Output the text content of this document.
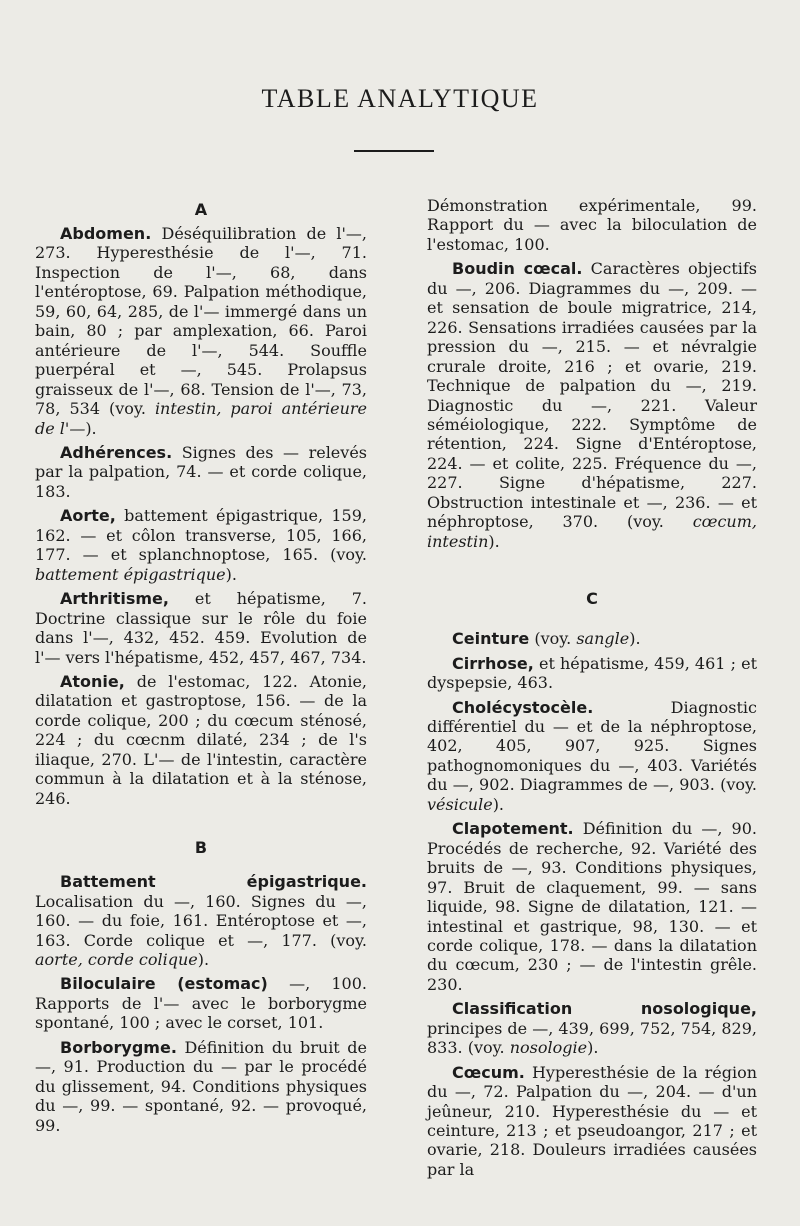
TABLE ANALYTIQUE
A

Abdomen. Déséquilibration de l'—, 273. Hyperesthésie de l'—, 71. Inspection de l'—, 68, dans l'entéroptose, 69. Palpation méthodique, 59, 60, 64, 285, de l'— immergé dans un bain, 80 ; par amplexation, 66. Paroi antérieure de l'—, 544. Souffle puerpéral et —, 545. Prolapsus graisseux de l'—, 68. Tension de l'—, 73, 78, 534 (voy. intestin, paroi antérieure de l'—).

Adhérences. Signes des — relevés par la palpation, 74. — et corde colique, 183.

Aorte, battement épigastrique, 159, 162. — et côlon transverse, 105, 166, 177. — et splanchnoptose, 165. (voy. battement épigastrique).

Arthritisme, et hépatisme, 7. Doctrine classique sur le rôle du foie dans l'—, 432, 452. 459. Evolution de l'— vers l'hépatisme, 452, 457, 467, 734.

Atonie, de l'estomac, 122. Atonie, dilatation et gastroptose, 156. — de la corde colique, 200 ; du cœcum sténosé, 224 ; du cœcnm dilaté, 234 ; de l's iliaque, 270. L'— de l'intestin, caractère commun à la dilatation et à la sténose, 246.

B

Battement épigastrique. Localisation du —, 160. Signes du —, 160. — du foie, 161. Entéroptose et —, 163. Corde colique et —, 177. (voy. aorte, corde colique).

Biloculaire (estomac) —, 100. Rapports de l'— avec le borborygme spontané, 100 ; avec le corset, 101.

Borborygme. Définition du bruit de —, 91. Production du — par le procédé du glissement, 94. Conditions physiques du —, 99. — spontané, 92. — provoqué, 99.

Démonstration expérimentale, 99. Rapport du — avec la biloculation de l'estomac, 100.

Boudin cœcal. Caractères objectifs du —, 206. Diagrammes du —, 209. — et sensation de boule migratrice, 214, 226. Sensations irradiées causées par la pression du —, 215. — et névralgie crurale droite, 216 ; et ovarie, 219. Technique de palpation du —, 219. Diagnostic du —, 221. Valeur séméiologique, 222. Symptôme de rétention, 224. Signe d'Entéroptose, 224. — et colite, 225. Fréquence du —, 227. Signe d'hépatisme, 227. Obstruction intestinale et —, 236. — et néphroptose, 370. (voy. cœcum, intestin).

C

Ceinture (voy. sangle).

Cirrhose, et hépatisme, 459, 461 ; et dyspepsie, 463.

Cholécystocèle. Diagnostic différentiel du — et de la néphroptose, 402, 405, 907, 925. Signes pathognomoniques du —, 403. Variétés du —, 902. Diagrammes de —, 903. (voy. vésicule).

Clapotement. Définition du —, 90. Procédés de recherche, 92. Variété des bruits de —, 93. Conditions physiques, 97. Bruit de claquement, 99. — sans liquide, 98. Signe de dilatation, 121. — intestinal et gastrique, 98, 130. — et corde colique, 178. — dans la dilatation du cœcum, 230 ; — de l'intestin grêle. 230.

Classification nosologique, principes de —, 439, 699, 752, 754, 829, 833. (voy. nosologie).

Cœcum. Hyperesthésie de la région du —, 72. Palpation du —, 204. — d'un jeûneur, 210. Hyperesthésie du — et ceinture, 213 ; et pseudoangor, 217 ; et ovarie, 218. Douleurs irradiées causées par la
